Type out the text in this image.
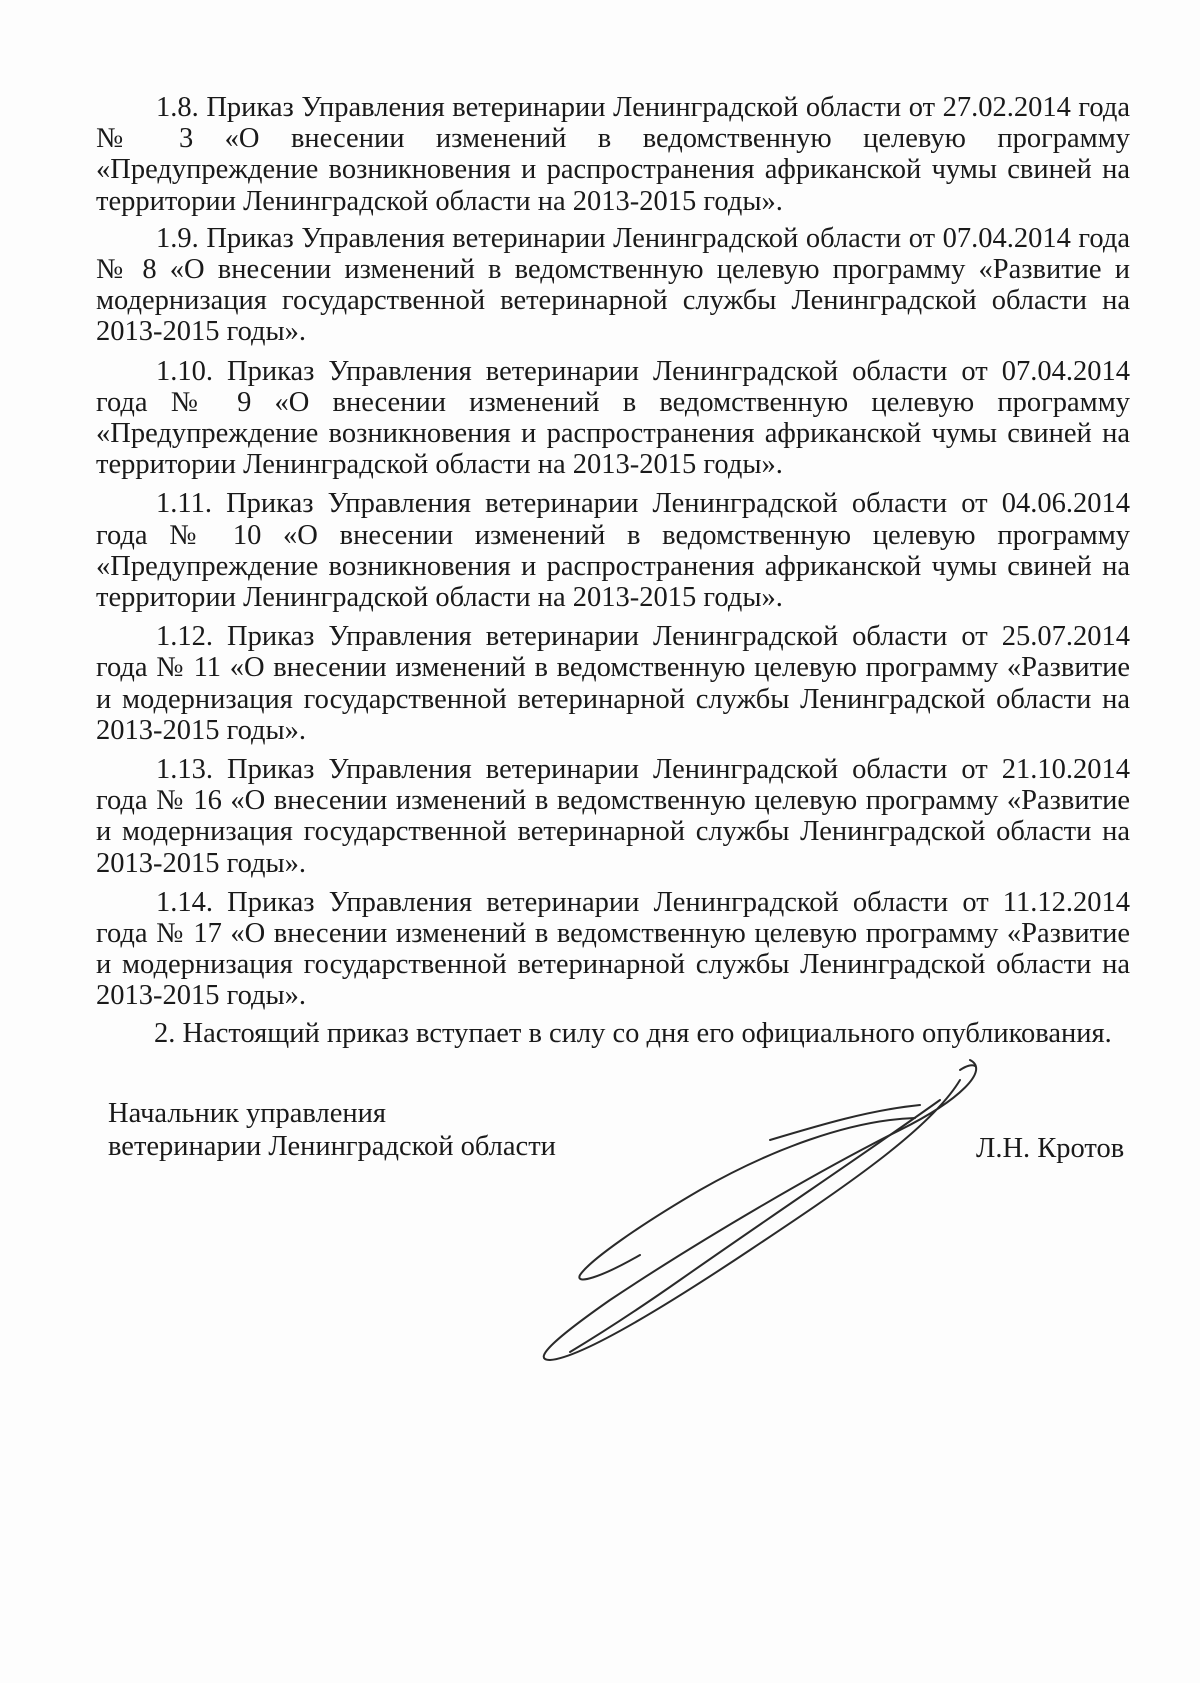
1.8. Приказ Управления ветеринарии Ленинградской области от 27.02.2014 года № 3 «О внесении изменений в ведомственную целевую программу «Предупреждение возникновения и распространения африканской чумы свиней на территории Ленинградской области на 2013-2015 годы».

1.9. Приказ Управления ветеринарии Ленинградской области от 07.04.2014 года № 8 «О внесении изменений в ведомственную целевую программу «Развитие и модернизация государственной ветеринарной службы Ленинградской области на 2013-2015 годы».

1.10. Приказ Управления ветеринарии Ленинградской области от 07.04.2014 года № 9 «О внесении изменений в ведомственную целевую программу «Предупреждение возникновения и распространения африканской чумы свиней на территории Ленинградской области на 2013-2015 годы».

1.11. Приказ Управления ветеринарии Ленинградской области от 04.06.2014 года № 10 «О внесении изменений в ведомственную целевую программу «Предупреждение возникновения и распространения африканской чумы свиней на территории Ленинградской области на 2013-2015 годы».

1.12. Приказ Управления ветеринарии Ленинградской области от 25.07.2014 года № 11 «О внесении изменений в ведомственную целевую программу «Развитие и модернизация государственной ветеринарной службы Ленинградской области на 2013-2015 годы».

1.13. Приказ Управления ветеринарии Ленинградской области от 21.10.2014 года № 16 «О внесении изменений в ведомственную целевую программу «Развитие и модернизация государственной ветеринарной службы Ленинградской области на 2013-2015 годы».

1.14. Приказ Управления ветеринарии Ленинградской области от 11.12.2014 года № 17 «О внесении изменений в ведомственную целевую программу «Развитие и модернизация государственной ветеринарной службы Ленинградской области на 2013-2015 годы».

2. Настоящий приказ вступает в силу со дня его официального опубликования.

Начальник управления
ветеринарии Ленинградской области	Л.Н. Кротов
